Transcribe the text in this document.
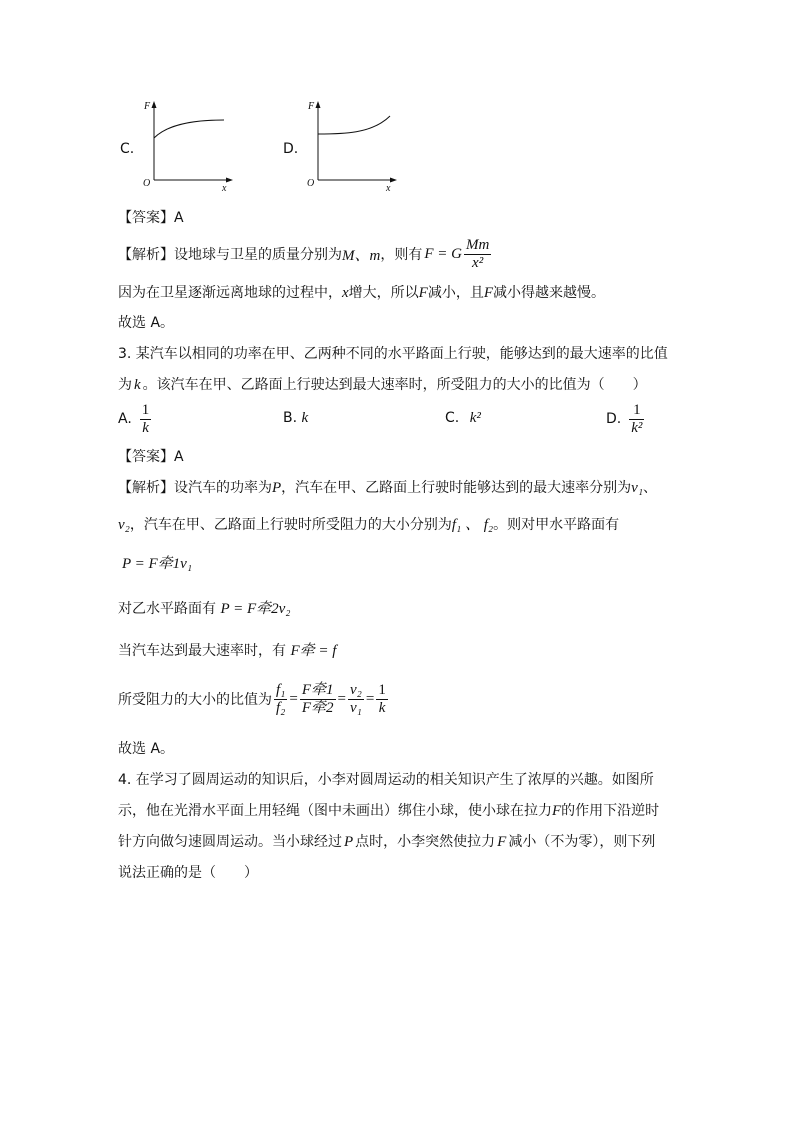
C.
F
O	x
D.
F
O	x
【答案】A
【解析】 设地球与卫星的质量分别为 M、m ，则有 F = G $\frac{Mm}{\text{x²}}$
因为在卫星逐渐远离地球的过程中，x增大，所以F减小，且F减小得越来越慢。
故选 A。
3. 某汽车以相同的功率在甲、乙两种不同的水平路面上行驶，能够达到的最大速率的比值
为 k 。该汽车在甲、乙路面上行驶达到最大速率时，所受阻力的大小的比值为（　　）
A. $\frac{1}{k}$	B. k	C. k²	D. $\frac{1}{\text{k²}}$
【答案】A
【解析】设汽车的功率为P，汽车在甲、乙路面上行驶时能够达到的最大速率分别为v₁、
v₂，汽车在甲、乙路面上行驶时所受阻力的大小分别为f₁ 、 f₂。则对甲水平路面有
P = F牵1v₁
对乙水平路面有 P = F牵2v₂
当汽车达到最大速率时，有 F牵 = f
所受阻力的大小的比值为 $\frac{\text{f₁}}{\text{f₂}} = \frac{\text{F牵1}}{\text{F牵2}} = \frac{\text{v₂}}{\text{v₁}} = \frac{1}{k}$
故选 A。
4. 在学习了圆周运动的知识后，小李对圆周运动的相关知识产生了浓厚的兴趣。如图所
示，他在光滑水平面上用轻绳（图中未画出）绑住小球，使小球在拉力F的作用下沿逆时
针方向做匀速圆周运动。当小球经过 P 点时，小李突然使拉力 F 减小（不为零），则下列
说法正确的是（　　）
